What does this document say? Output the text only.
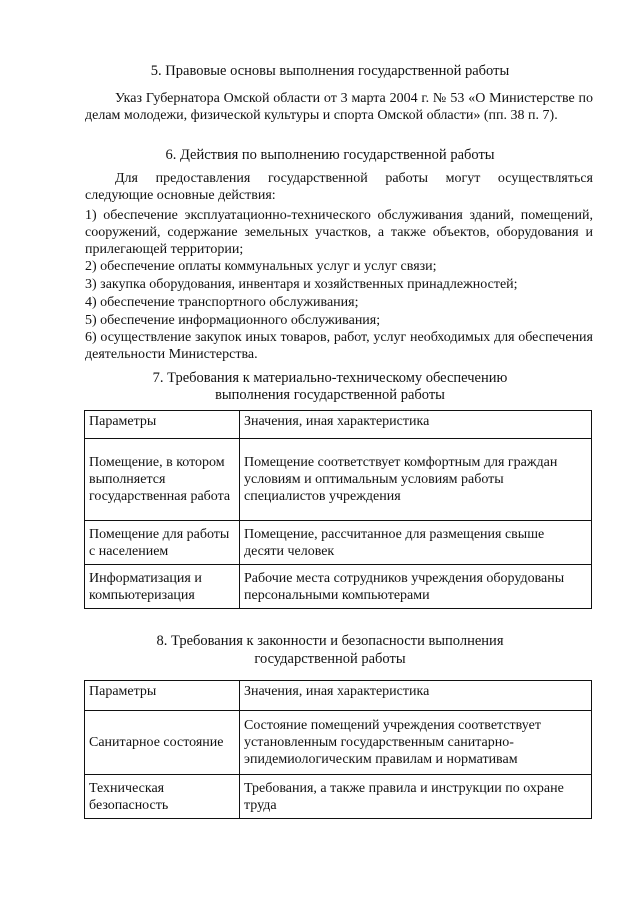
5. Правовые основы выполнения государственной работы
Указ Губернатора Омской области от 3 марта 2004 г. № 53 «О Министерстве по делам молодежи, физической культуры и спорта Омской области» (пп. 38 п. 7).
6. Действия по выполнению государственной работы
Для предоставления государственной работы могут осуществляться следующие основные действия:
1) обеспечение эксплуатационно-технического обслуживания зданий, помещений, сооружений, содержание земельных участков, а также объектов, оборудования и прилегающей территории;
2) обеспечение оплаты коммунальных услуг и услуг связи;
3) закупка оборудования, инвентаря и хозяйственных принадлежностей;
4) обеспечение транспортного обслуживания;
5) обеспечение информационного обслуживания;
6) осуществление закупок иных товаров, работ, услуг необходимых для обеспечения деятельности Министерства.
7. Требования к материально-техническому обеспечению
выполнения государственной работы
Параметры	Значения, иная характеристика
Помещение, в котором выполняется государственная работа	Помещение соответствует комфортным для граждан условиям и оптимальным условиям работы специалистов учреждения
Помещение для работы с населением	Помещение, рассчитанное для размещения свыше десяти человек
Информатизация и компьютеризация	Рабочие места сотрудников учреждения оборудованы персональными компьютерами
8. Требования к законности и безопасности выполнения
государственной работы
Параметры	Значения, иная характеристика
Санитарное состояние	Состояние помещений учреждения соответствует установленным государственным санитарно-эпидемиологическим правилам и нормативам
Техническая безопасность	Требования, а также правила и инструкции по охране труда
